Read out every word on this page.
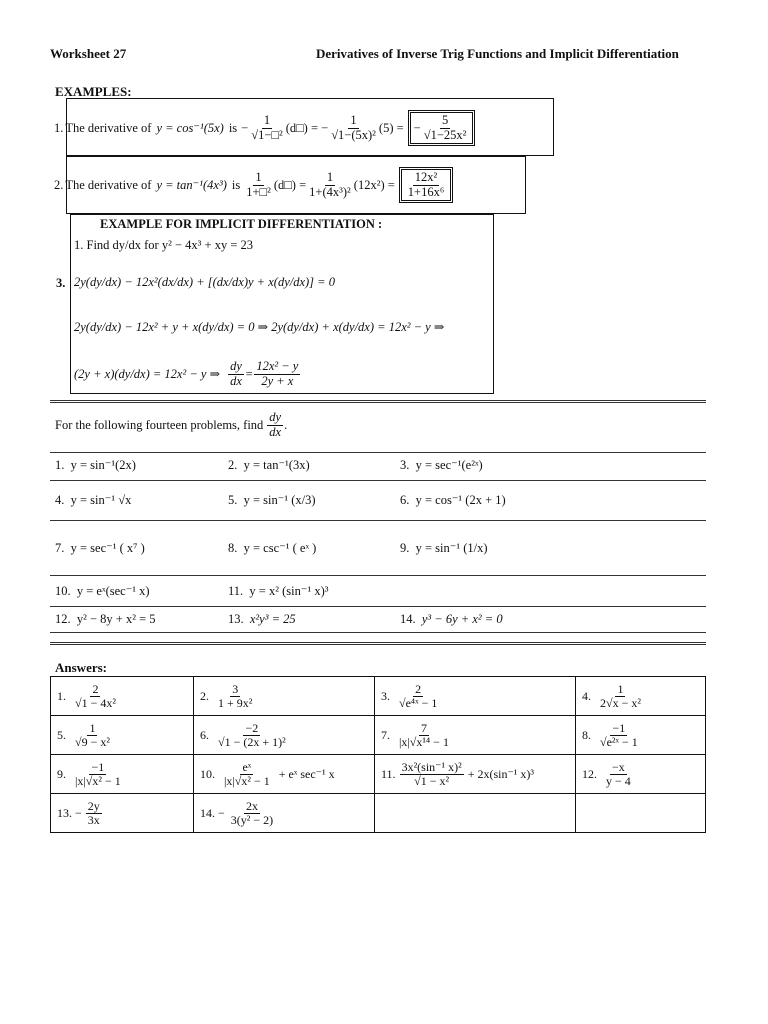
Worksheet 27	Derivatives of Inverse Trig Functions and Implicit Differentiation
EXAMPLES:
1. The derivative of y = cos⁻¹(5x) is − $\frac{1}{\text{√1−□²}}$ (d□) = − $\frac{1}{\text{√1−(5x)²}} (5)$ = − $\frac{5}{\text{√1−25x²}}$
2. The derivative of y = tan⁻¹(4x³) is $\frac{1}{\text{1+□²}}$ (d□) = $\frac{1}{\text{1+(4x³)²}} (12x^2) = \frac{\text{12x²}}{\text{1+16x⁶}}$
EXAMPLE FOR IMPLICIT DIFFERENTIATION :
3.
1. Find dy/dx for y² − 4x³ + xy = 23
2y(dy/dx) − 12x²(dx/dx) + [(dx/dx)y + x(dy/dx)] = 0
2y(dy/dx) − 12x² + y + x(dy/dx) = 0 ⇒ 2y(dy/dx) + x(dy/dx) = 12x² − y ⇒
(2y + x)(dy/dx) = 12x² − y ⇒ $\frac{dy}{dx} = \frac{\text{12x² − y}}{2y + x}$
For the following fourteen problems, find $\frac{dy}{dx}$ .
1.
y = sin⁻¹(2x)	2.
y = tan⁻¹(3x)	3.
y = sec⁻¹(e²ˣ)
4.
y = sin⁻¹ √x	5.
y = sin⁻¹ (x/3)	6.
y = cos⁻¹ (2x + 1)
7.
y = sec⁻¹ ( x⁷ )	8.
y = csc⁻¹ ( eˣ )	9.
y = sin⁻¹ (1/x)
10.
y = eˣ(sec⁻¹ x)	11.
y = x² (sin⁻¹ x)³
12.
y² − 8y + x² = 5	13.
x²y³ = 25	14.
y³ − 6y + x² = 0
Answers:
1. $\frac{2}{\text{√1 − 4x²}}$	2. $\frac{3}{\text{1 + 9x²}}$	3. $\frac{2}{\text{√e⁴ˣ − 1}}$	4. $\frac{1}{\text{2√x − x²}}$

5. $\frac{1}{\text{√9 − x²}}$	6. $\frac{-2}{\text{√1 − (2x + 1)²}}$	7. $\frac{7}{\text{|x|√x¹⁴ − 1}}$	8. $\frac{-1}{\text{√e²ˣ − 1}}$

9. $\frac{-1}{\text{|x|√x² − 1}}$	10. $\frac{\text{eˣ}}{\text{|x|√x² − 1}}$ + eˣ sec⁻¹ x	11. $\frac{\text{3x²(sin⁻¹ x)²}}{\text{√1 − x²}} + 2x(\sin^{-1}$ x)³	12. $\frac{-x}{y - 4}$

13. − $\frac{2y}{3x}$	14. − $\frac{2x}{\text{3(y² − 2)}}$
